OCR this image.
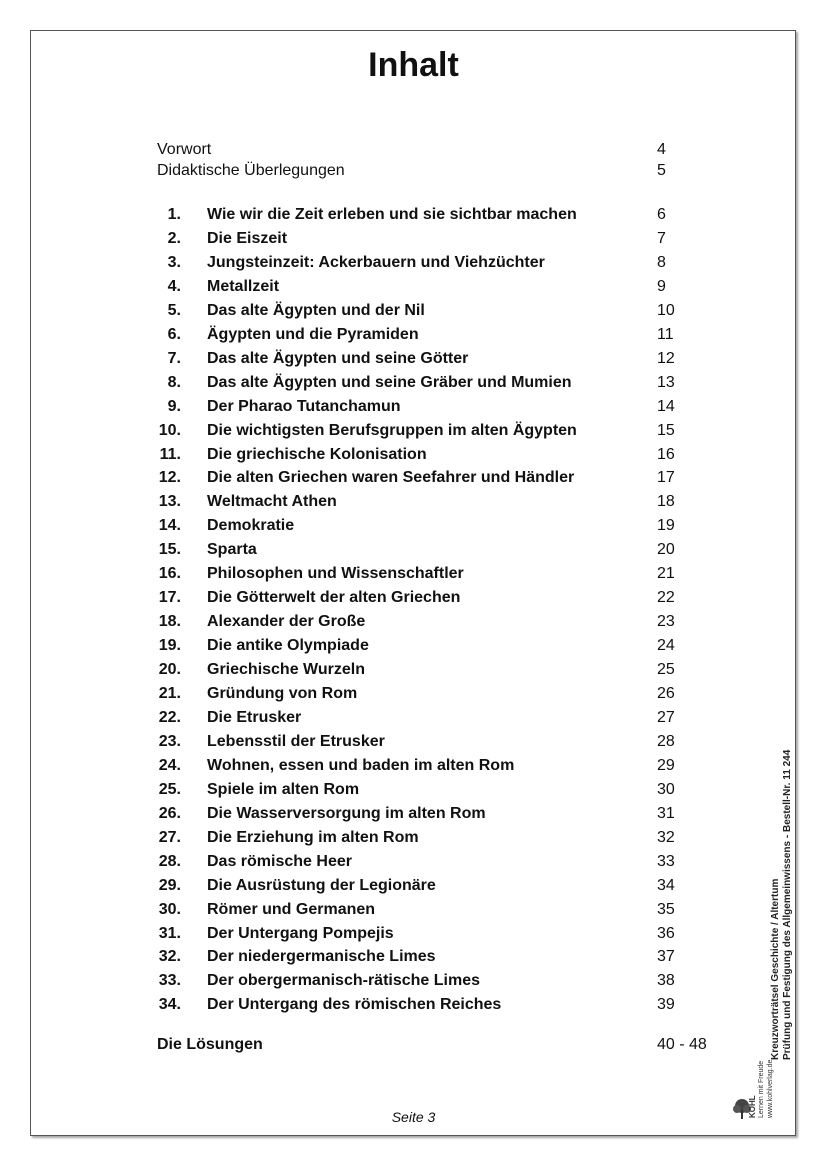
Inhalt
Vorwort	4
Didaktische Überlegungen	5
1. Wie wir die Zeit erleben und sie sichtbar machen	6
2. Die Eiszeit	7
3. Jungsteinzeit: Ackerbauern und Viehzüchter	8
4. Metallzeit	9
5. Das alte Ägypten und der Nil	10
6. Ägypten und die Pyramiden	11
7. Das alte Ägypten und seine Götter	12
8. Das alte Ägypten und seine Gräber und Mumien	13
9. Der Pharao Tutanchamun	14
10. Die wichtigsten Berufsgruppen im alten Ägypten	15
11. Die griechische Kolonisation	16
12. Die alten Griechen waren Seefahrer und Händler	17
13. Weltmacht Athen	18
14. Demokratie	19
15. Sparta	20
16. Philosophen und Wissenschaftler	21
17. Die Götterwelt der alten Griechen	22
18. Alexander der Große	23
19. Die antike Olympiade	24
20. Griechische Wurzeln	25
21. Gründung von Rom	26
22. Die Etrusker	27
23. Lebensstil der Etrusker	28
24. Wohnen, essen und baden im alten Rom	29
25. Spiele im alten Rom	30
26. Die Wasserversorgung im alten Rom	31
27. Die Erziehung im alten Rom	32
28. Das römische Heer	33
29. Die Ausrüstung der Legionäre	34
30. Römer und Germanen	35
31. Der Untergang Pompejis	36
32. Der niedergermanische Limes	37
33. Der obergermanisch-rätische Limes	38
34. Der Untergang des römischen Reiches	39
Die Lösungen	40 - 48
Seite 3
Kreuzworträtsel Geschichte / Altertum Prüfung und Festigung des Allgemeinwissens - Bestell-Nr. 11 244
KOHL Lernen mit Freude www.kohlverlag.de
